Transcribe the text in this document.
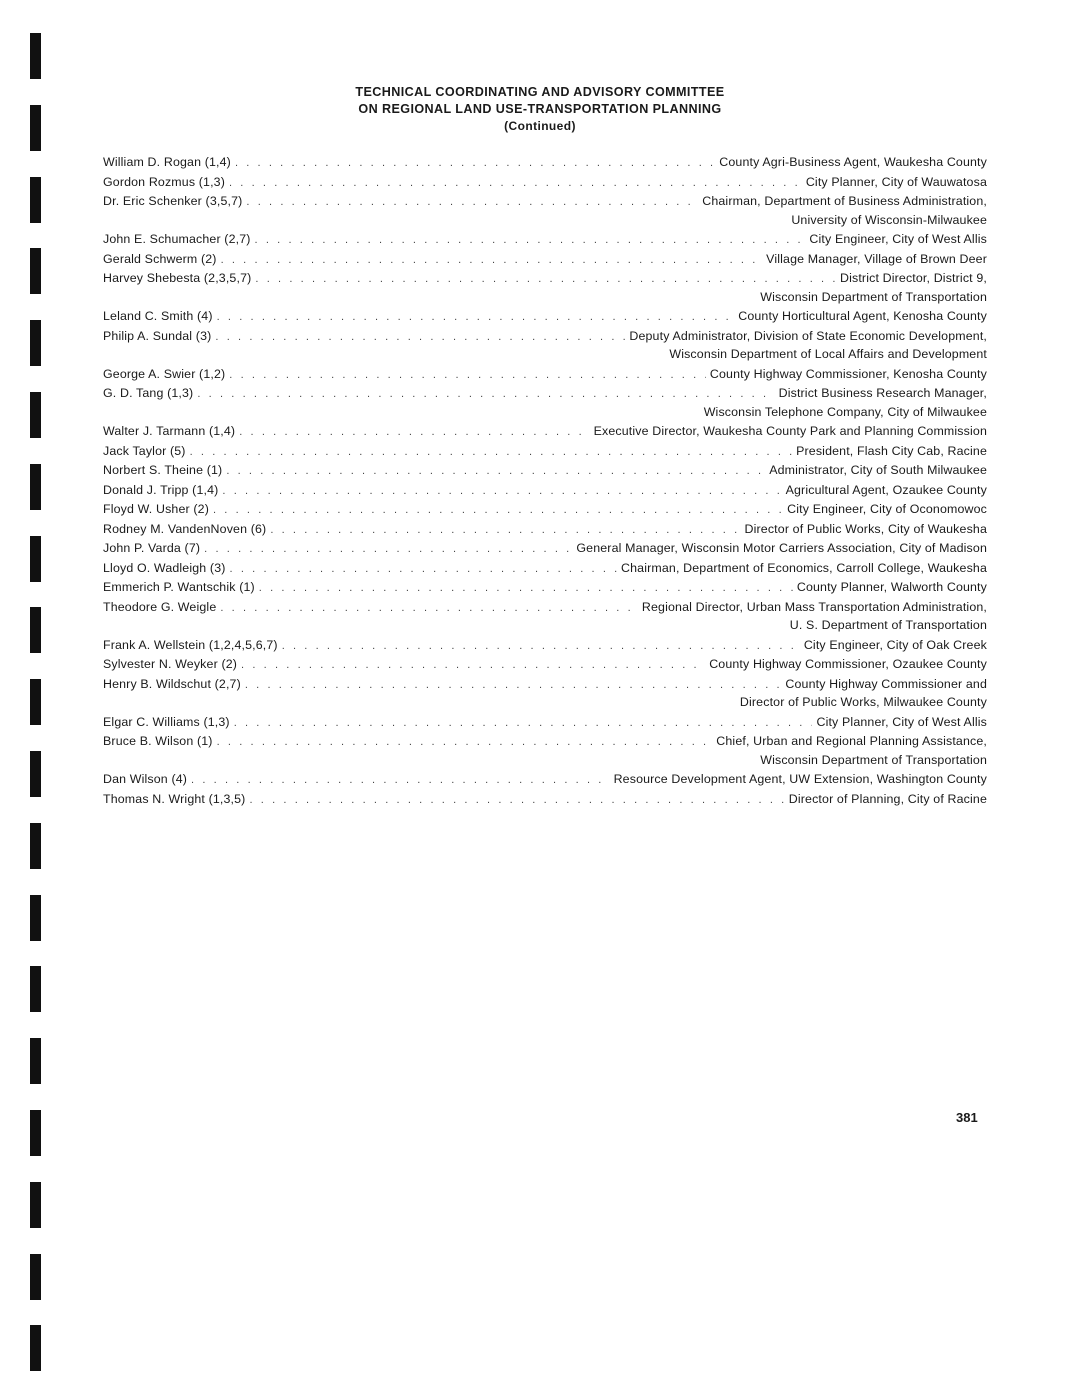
TECHNICAL COORDINATING AND ADVISORY COMMITTEE
ON REGIONAL LAND USE-TRANSPORTATION PLANNING
(Continued)
William D. Rogan (1,4) . . .	County Agri-Business Agent, Waukesha County
Gordon Rozmus (1,3) . . .	City Planner, City of Wauwatosa
Dr. Eric Schenker (3,5,7) . . .	Chairman, Department of Business Administration,
University of Wisconsin-Milwaukee
John E. Schumacher (2,7) . . .	City Engineer, City of West Allis
Gerald Schwerm (2) . . .	Village Manager, Village of Brown Deer
Harvey Shebesta (2,3,5,7) . . .	District Director, District 9,
Wisconsin Department of Transportation
Leland C. Smith (4) . . .	County Horticultural Agent, Kenosha County
Philip A. Sundal (3) . . .	Deputy Administrator, Division of State Economic Development,
Wisconsin Department of Local Affairs and Development
George A. Swier (1,2) . . .	County Highway Commissioner, Kenosha County
G. D. Tang (1,3) . . .	District Business Research Manager,
Wisconsin Telephone Company, City of Milwaukee
Walter J. Tarmann (1,4) . . .	Executive Director, Waukesha County Park and Planning Commission
Jack Taylor (5) . . .	President, Flash City Cab, Racine
Norbert S. Theine (1) . . .	Administrator, City of South Milwaukee
Donald J. Tripp (1,4) . . .	Agricultural Agent, Ozaukee County
Floyd W. Usher (2) . . .	City Engineer, City of Oconomowoc
Rodney M. VandenNoven (6) . . .	Director of Public Works, City of Waukesha
John P. Varda (7) . . .	General Manager, Wisconsin Motor Carriers Association, City of Madison
Lloyd O. Wadleigh (3) . . .	Chairman, Department of Economics, Carroll College, Waukesha
Emmerich P. Wantschik (1) . . .	County Planner, Walworth County
Theodore G. Weigle . . .	Regional Director, Urban Mass Transportation Administration,
U. S. Department of Transportation
Frank A. Wellstein (1,2,4,5,6,7) . . .	City Engineer, City of Oak Creek
Sylvester N. Weyker (2) . . .	County Highway Commissioner, Ozaukee County
Henry B. Wildschut (2,7) . . .	County Highway Commissioner and
Director of Public Works, Milwaukee County
Elgar C. Williams (1,3) . . .	City Planner, City of West Allis
Bruce B. Wilson (1) . . .	Chief, Urban and Regional Planning Assistance,
Wisconsin Department of Transportation
Dan Wilson (4) . . .	Resource Development Agent, UW Extension, Washington County
Thomas N. Wright (1,3,5) . . .	Director of Planning, City of Racine
381
